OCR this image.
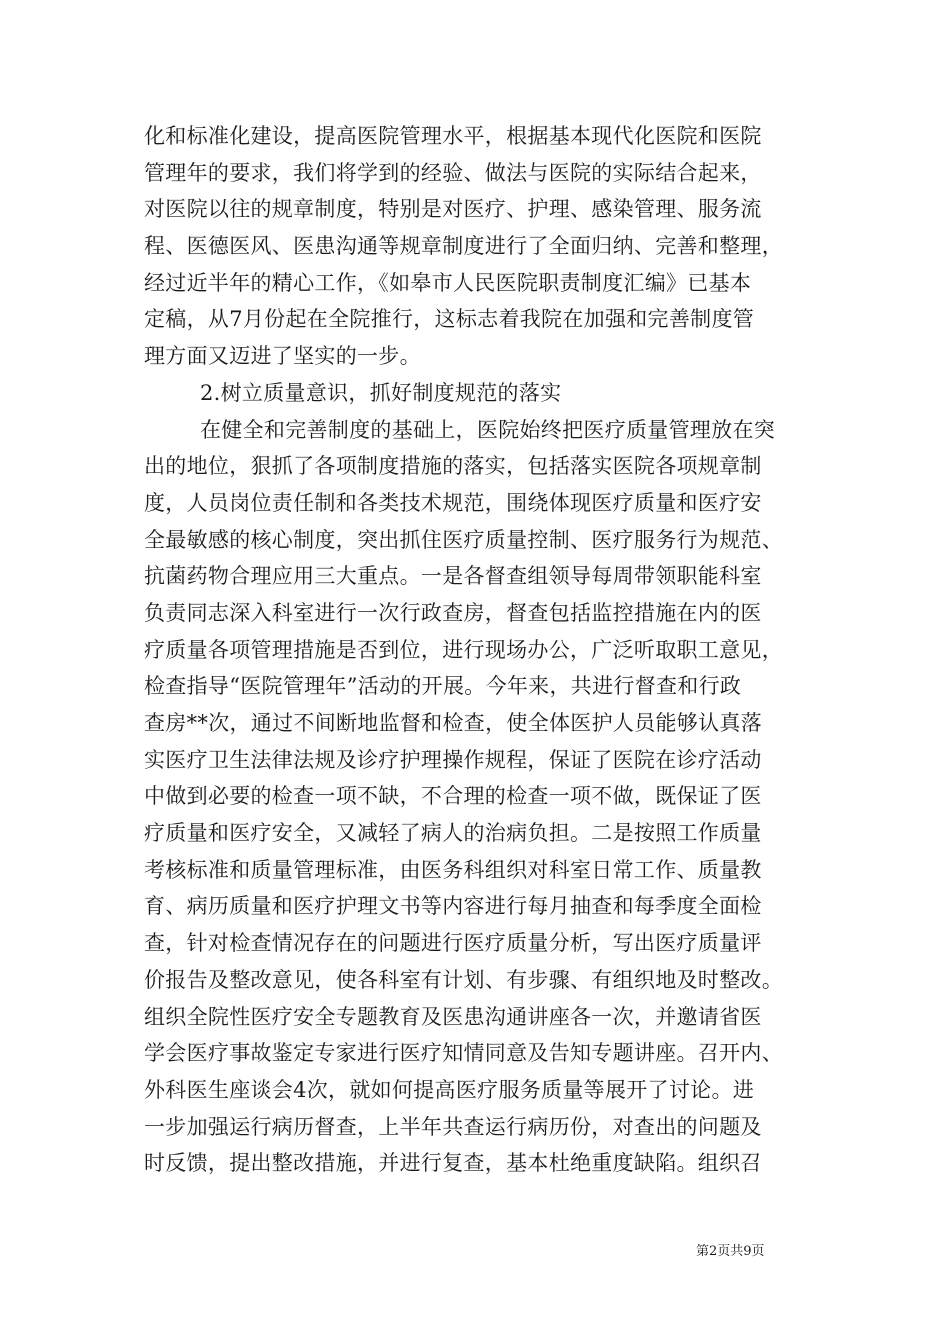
化和标准化建设，提高医院管理水平，根据基本现代化医院和医院
管理年的要求，我们将学到的经验、做法与医院的实际结合起来，
对医院以往的规章制度，特别是对医疗、护理、感染管理、服务流
程、医德医风、医患沟通等规章制度进行了全面归纳、完善和整理，
经过近半年的精心工作，《如皋市人民医院职责制度汇编》已基本
定稿，从7月份起在全院推行，这标志着我院在加强和完善制度管
理方面又迈进了坚实的一步。
2.树立质量意识，抓好制度规范的落实
在健全和完善制度的基础上，医院始终把医疗质量管理放在突
出的地位，狠抓了各项制度措施的落实，包括落实医院各项规章制
度，人员岗位责任制和各类技术规范，围绕体现医疗质量和医疗安
全最敏感的核心制度，突出抓住医疗质量控制、医疗服务行为规范、
抗菌药物合理应用三大重点。一是各督查组领导每周带领职能科室
负责同志深入科室进行一次行政查房，督查包括监控措施在内的医
疗质量各项管理措施是否到位，进行现场办公，广泛听取职工意见，
检查指导“医院管理年”活动的开展。今年来，共进行督查和行政
查房**次，通过不间断地监督和检查，使全体医护人员能够认真落
实医疗卫生法律法规及诊疗护理操作规程，保证了医院在诊疗活动
中做到必要的检查一项不缺，不合理的检查一项不做，既保证了医
疗质量和医疗安全，又减轻了病人的治病负担。二是按照工作质量
考核标准和质量管理标准，由医务科组织对科室日常工作、质量教
育、病历质量和医疗护理文书等内容进行每月抽查和每季度全面检
查，针对检查情况存在的问题进行医疗质量分析，写出医疗质量评
价报告及整改意见，使各科室有计划、有步骤、有组织地及时整改。
组织全院性医疗安全专题教育及医患沟通讲座各一次，并邀请省医
学会医疗事故鉴定专家进行医疗知情同意及告知专题讲座。召开内、
外科医生座谈会4次，就如何提高医疗服务质量等展开了讨论。进
一步加强运行病历督查，上半年共查运行病历份，对查出的问题及
时反馈，提出整改措施，并进行复查，基本杜绝重度缺陷。组织召
第2页共9页
